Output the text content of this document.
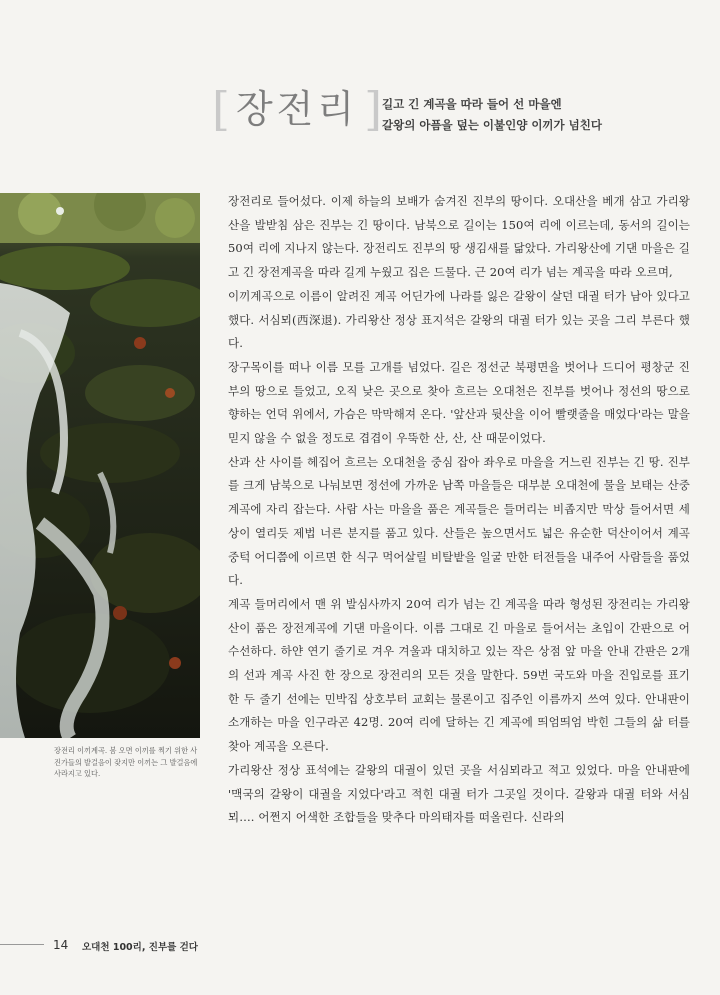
[ 장전리 ] 길고 긴 계곡을 따라 들어 선 마을엔
갈왕의 아픔을 덮는 이불인양 이끼가 넘친다
장전리 이끼계곡. 봄 오면 이끼를 찍기 위한 사진가들의 발걸음이 잦지만 이끼는 그 발걸음에 사라지고 있다.

장전리로 들어섰다. 이제 하늘의 보배가 숨겨진 진부의 땅이다. 오대산을 베개 삼고 가리왕산을 발받침 삼은 진부는 긴 땅이다. 남북으로 길이는 150여 리에 이르는데, 동서의 길이는 50여 리에 지나지 않는다. 장전리도 진부의 땅 생김새를 닮았다. 가리왕산에 기댄 마을은 길고 긴 장전계곡을 따라 길게 누웠고 집은 드물다. 근 20여 리가 넘는 계곡을 따라 오르며,

이끼계곡으로 이름이 알려진 계곡 어딘가에 나라를 잃은 갈왕이 살던 대궐 터가 남아 있다고 했다. 서심뫼(西深退). 가리왕산 정상 표지석은 갈왕의 대궐 터가 있는 곳을 그리 부른다 했다.

장구목이를 떠나 이름 모를 고개를 넘었다. 길은 정선군 북평면을 벗어나 드디어 평창군 진부의 땅으로 들었고, 오직 낮은 곳으로 찾아 흐르는 오대천은 진부를 벗어나 정선의 땅으로 향하는 언덕 위에서, 가슴은 막막해져 온다. '앞산과 뒷산을 이어 빨랫줄을 매었다'라는 말을 믿지 않을 수 없을 정도로 겹겹이 우뚝한 산, 산, 산 때문이었다.

산과 산 사이를 헤집어 흐르는 오대천을 중심 잡아 좌우로 마을을 거느린 진부는 긴 땅. 진부를 크게 남북으로 나눠보면 정선에 가까운 남쪽 마을들은 대부분 오대천에 물을 보태는 산중 계곡에 자리 잡는다. 사람 사는 마을을 품은 계곡들은 들머리는 비좁지만 막상 들어서면 세상이 열리듯 제법 너른 분지를 품고 있다. 산들은 높으면서도 넓은 유순한 덕산이어서 계곡 중턱 어디쯤에 이르면 한 식구 먹어살릴 비탈밭을 일굴 만한 터전들을 내주어 사람들을 품었다.

계곡 들머리에서 맨 위 발심사까지 20여 리가 넘는 긴 계곡을 따라 형성된 장전리는 가리왕산이 품은 장전계곡에 기댄 마을이다. 이름 그대로 긴 마을로 들어서는 초입이 간판으로 어수선하다. 하얀 연기 줄기로 겨우 겨울과 대치하고 있는 작은 상점 앞 마을 안내 간판은 2개의 선과 계곡 사진 한 장으로 장전리의 모든 것을 말한다. 59번 국도와 마을 진입로를 표기한 두 줄기 선에는 민박집 상호부터 교회는 물론이고 집주인 이름까지 쓰여 있다. 안내판이 소개하는 마을 인구라곤 42명. 20여 리에 달하는 긴 계곡에 띄엄띄엄 박힌 그들의 삶 터를 찾아 계곡을 오른다.

가리왕산 정상 표석에는 갈왕의 대궐이 있던 곳을 서심뫼라고 적고 있었다. 마을 안내판에 '맥국의 갈왕이 대궐을 지었다'라고 적힌 대궐 터가 그곳일 것이다. 갈왕과 대궐 터와 서심뫼…. 어쩐지 어색한 조합들을 맞추다 마의태자를 떠올린다. 신라의

14 오대천 100리, 진부를 걷다
